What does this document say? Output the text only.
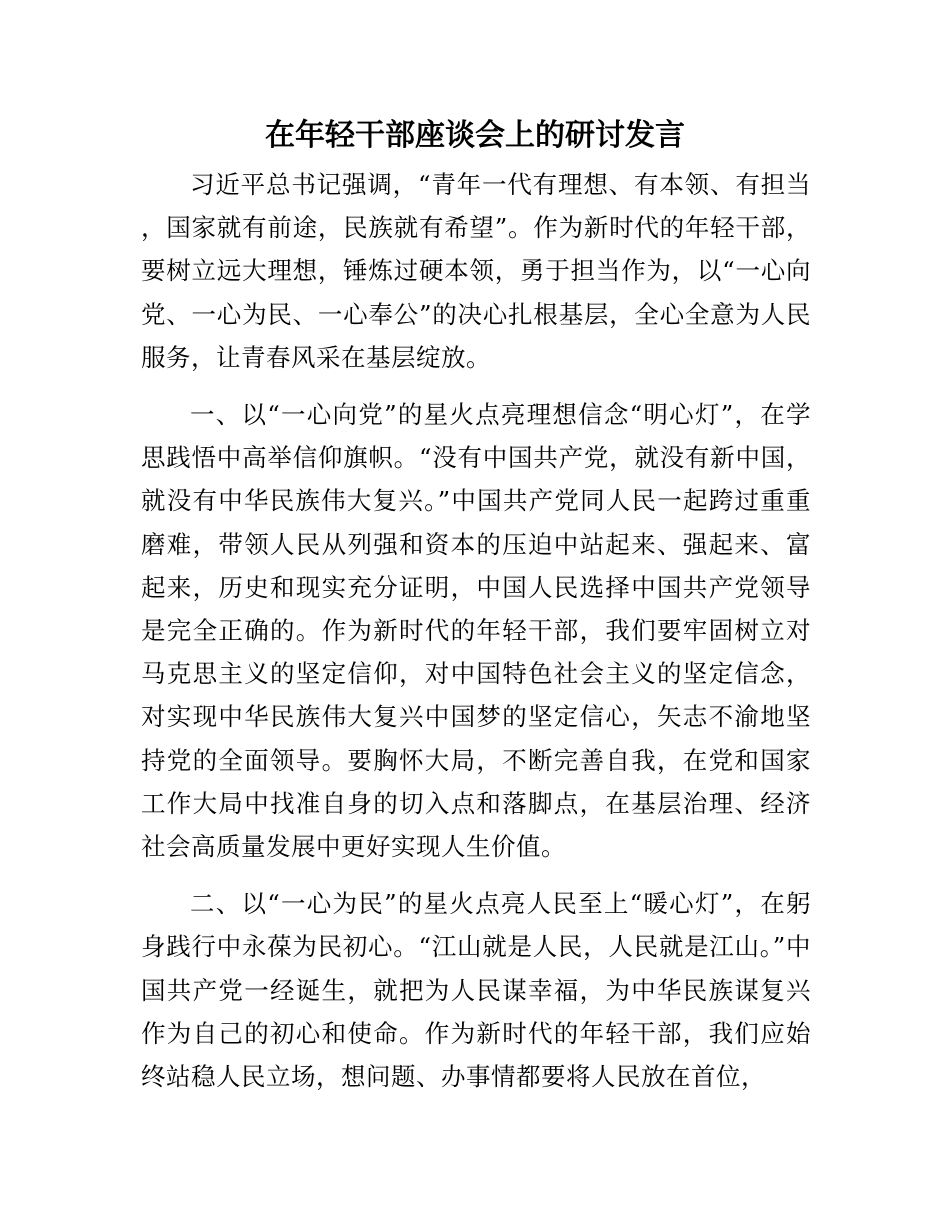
在年轻干部座谈会上的研讨发言

习近平总书记强调，“青年一代有理想、有本领、有担当，国家就有前途，民族就有希望”。作为新时代的年轻干部，要树立远大理想，锤炼过硬本领，勇于担当作为，以“一心向党、一心为民、一心奉公”的决心扎根基层，全心全意为人民服务，让青春风采在基层绽放。

一、以“一心向党”的星火点亮理想信念“明心灯”，在学思践悟中高举信仰旗帜。“没有中国共产党，就没有新中国，就没有中华民族伟大复兴。”中国共产党同人民一起跨过重重磨难，带领人民从列强和资本的压迫中站起来、强起来、富起来，历史和现实充分证明，中国人民选择中国共产党领导是完全正确的。作为新时代的年轻干部，我们要牢固树立对马克思主义的坚定信仰，对中国特色社会主义的坚定信念，对实现中华民族伟大复兴中国梦的坚定信心，矢志不渝地坚持党的全面领导。要胸怀大局，不断完善自我，在党和国家工作大局中找准自身的切入点和落脚点，在基层治理、经济社会高质量发展中更好实现人生价值。

二、以“一心为民”的星火点亮人民至上“暖心灯”，在躬身践行中永葆为民初心。“江山就是人民，人民就是江山。”中国共产党一经诞生，就把为人民谋幸福，为中华民族谋复兴作为自己的初心和使命。作为新时代的年轻干部，我们应始终站稳人民立场，想问题、办事情都要将人民放在首位，
